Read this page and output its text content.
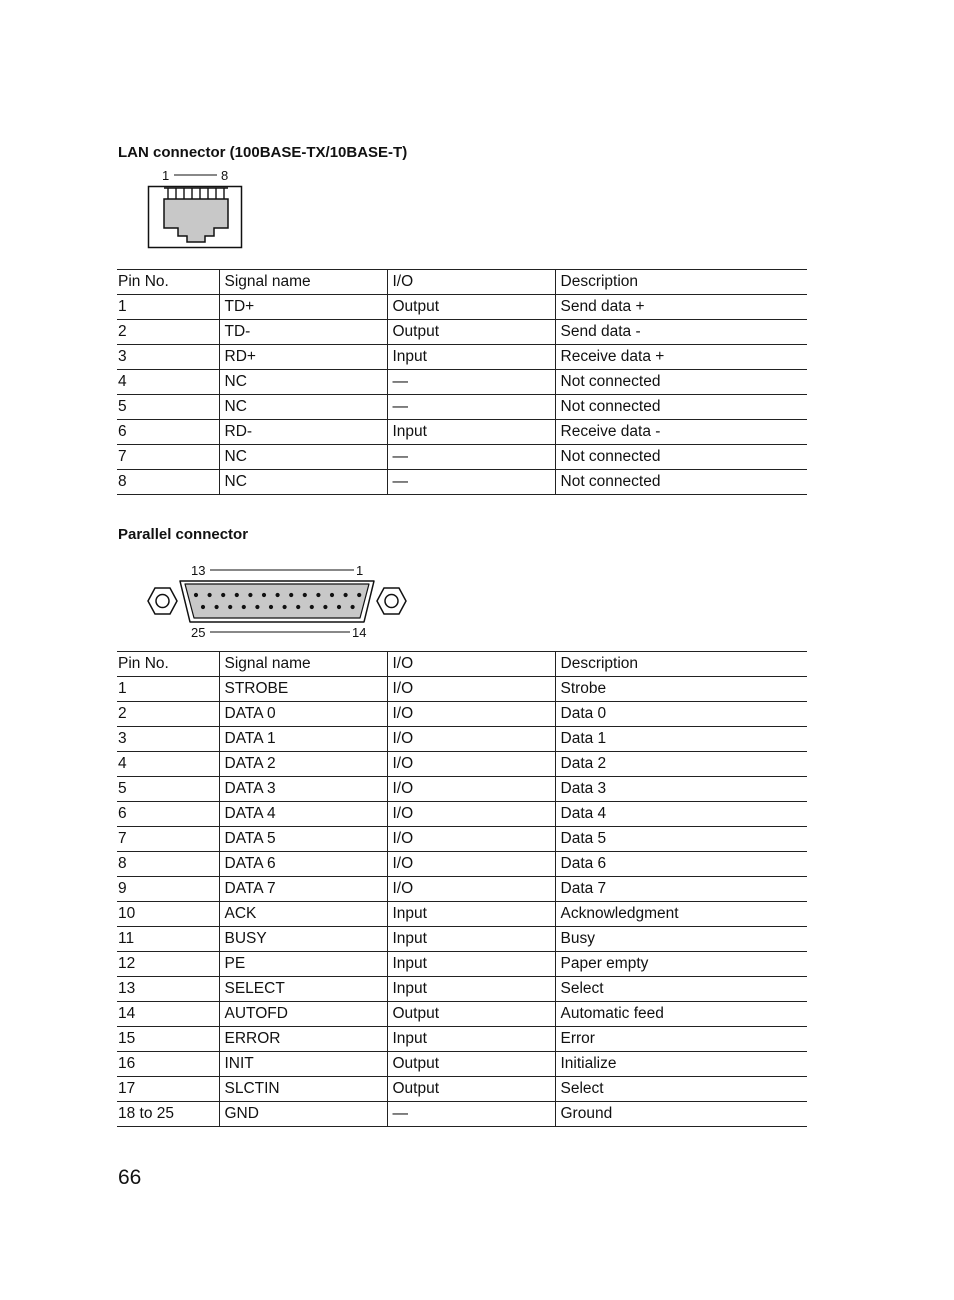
LAN connector (100BASE-TX/10BASE-T)
1	8
Pin No.	Signal name	I/O	Description
1	TD+	Output	Send data +
2	TD-	Output	Send data -
3	RD+	Input	Receive data +
4	NC	—	Not connected
5	NC	—	Not connected
6	RD-	Input	Receive data -
7	NC	—	Not connected
8	NC	—	Not connected
Parallel connector
13	1
25	14
Pin No.	Signal name	I/O	Description
1	STROBE	I/O	Strobe
2	DATA 0	I/O	Data 0
3	DATA 1	I/O	Data 1
4	DATA 2	I/O	Data 2
5	DATA 3	I/O	Data 3
6	DATA 4	I/O	Data 4
7	DATA 5	I/O	Data 5
8	DATA 6	I/O	Data 6
9	DATA 7	I/O	Data 7
10	ACK	Input	Acknowledgment
11	BUSY	Input	Busy
12	PE	Input	Paper empty
13	SELECT	Input	Select
14	AUTOFD	Output	Automatic feed
15	ERROR	Input	Error
16	INIT	Output	Initialize
17	SLCTIN	Output	Select
18 to 25	GND	—	Ground
66
